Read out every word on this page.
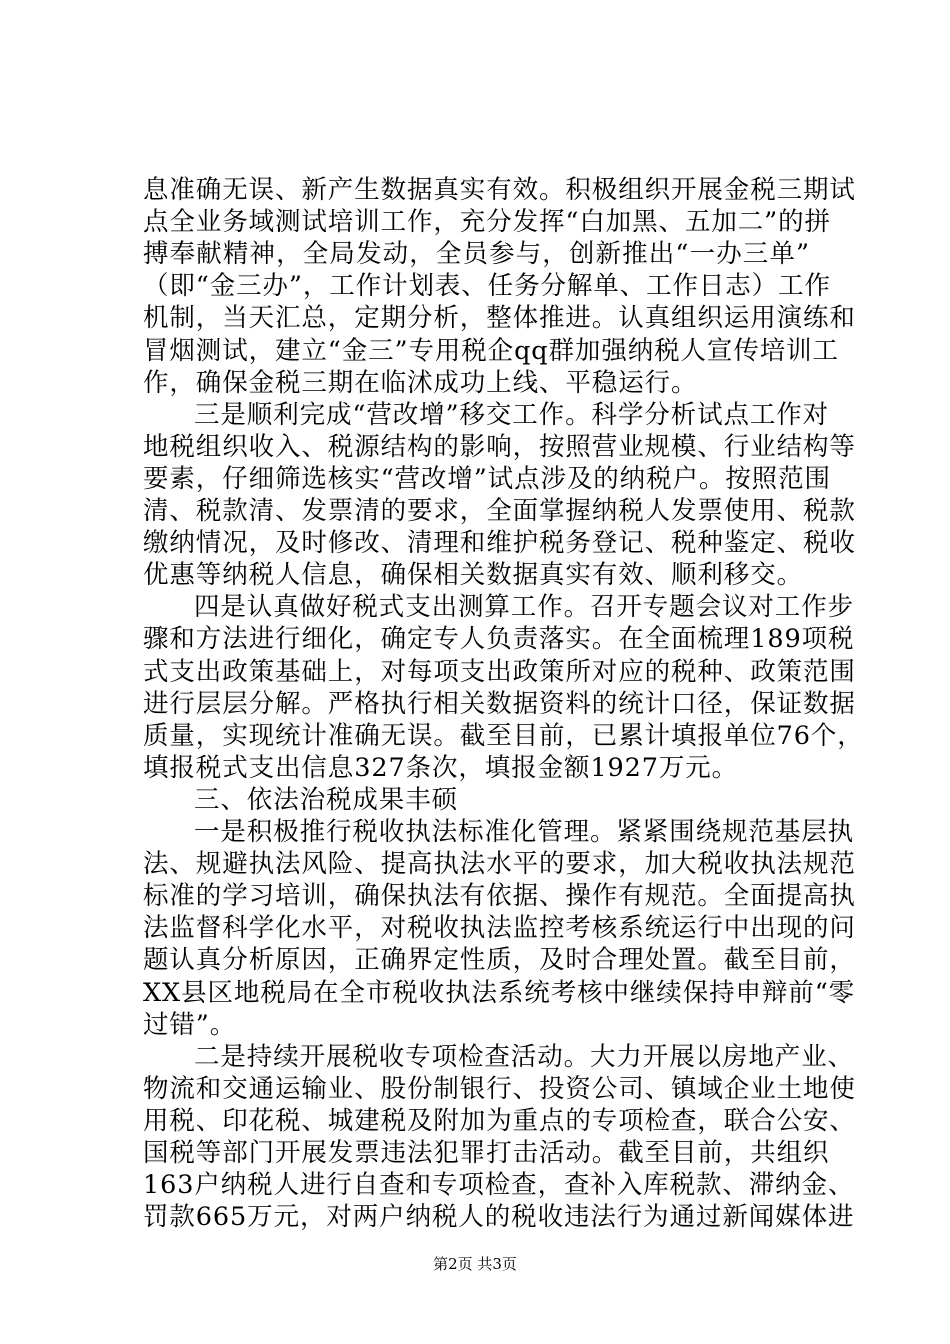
息准确无误、新产生数据真实有效。积极组织开展金税三期试
点全业务域测试培训工作，充分发挥“白加黑、五加二”的拼
搏奉献精神，全局发动，全员参与，创新推出“一办三单”
（即“金三办”，工作计划表、任务分解单、工作日志）工作
机制，当天汇总，定期分析，整体推进。认真组织运用演练和
冒烟测试，建立“金三”专用税企qq群加强纳税人宣传培训工
作，确保金税三期在临沭成功上线、平稳运行。
三是顺利完成“营改增”移交工作。科学分析试点工作对
地税组织收入、税源结构的影响，按照营业规模、行业结构等
要素，仔细筛选核实“营改增”试点涉及的纳税户。按照范围
清、税款清、发票清的要求，全面掌握纳税人发票使用、税款
缴纳情况，及时修改、清理和维护税务登记、税种鉴定、税收
优惠等纳税人信息，确保相关数据真实有效、顺利移交。
四是认真做好税式支出测算工作。召开专题会议对工作步
骤和方法进行细化，确定专人负责落实。在全面梳理189项税
式支出政策基础上，对每项支出政策所对应的税种、政策范围
进行层层分解。严格执行相关数据资料的统计口径，保证数据
质量，实现统计准确无误。截至目前，已累计填报单位76个，
填报税式支出信息327条次，填报金额1927万元。
三、依法治税成果丰硕
一是积极推行税收执法标准化管理。紧紧围绕规范基层执
法、规避执法风险、提高执法水平的要求，加大税收执法规范
标准的学习培训，确保执法有依据、操作有规范。全面提高执
法监督科学化水平，对税收执法监控考核系统运行中出现的问
题认真分析原因，正确界定性质，及时合理处置。截至目前，
XX县区地税局在全市税收执法系统考核中继续保持申辩前“零
过错”。
二是持续开展税收专项检查活动。大力开展以房地产业、
物流和交通运输业、股份制银行、投资公司、镇域企业土地使
用税、印花税、城建税及附加为重点的专项检查，联合公安、
国税等部门开展发票违法犯罪打击活动。截至目前，共组织
163户纳税人进行自查和专项检查，查补入库税款、滞纳金、
罚款665万元，对两户纳税人的税收违法行为通过新闻媒体进
第2页 共3页
